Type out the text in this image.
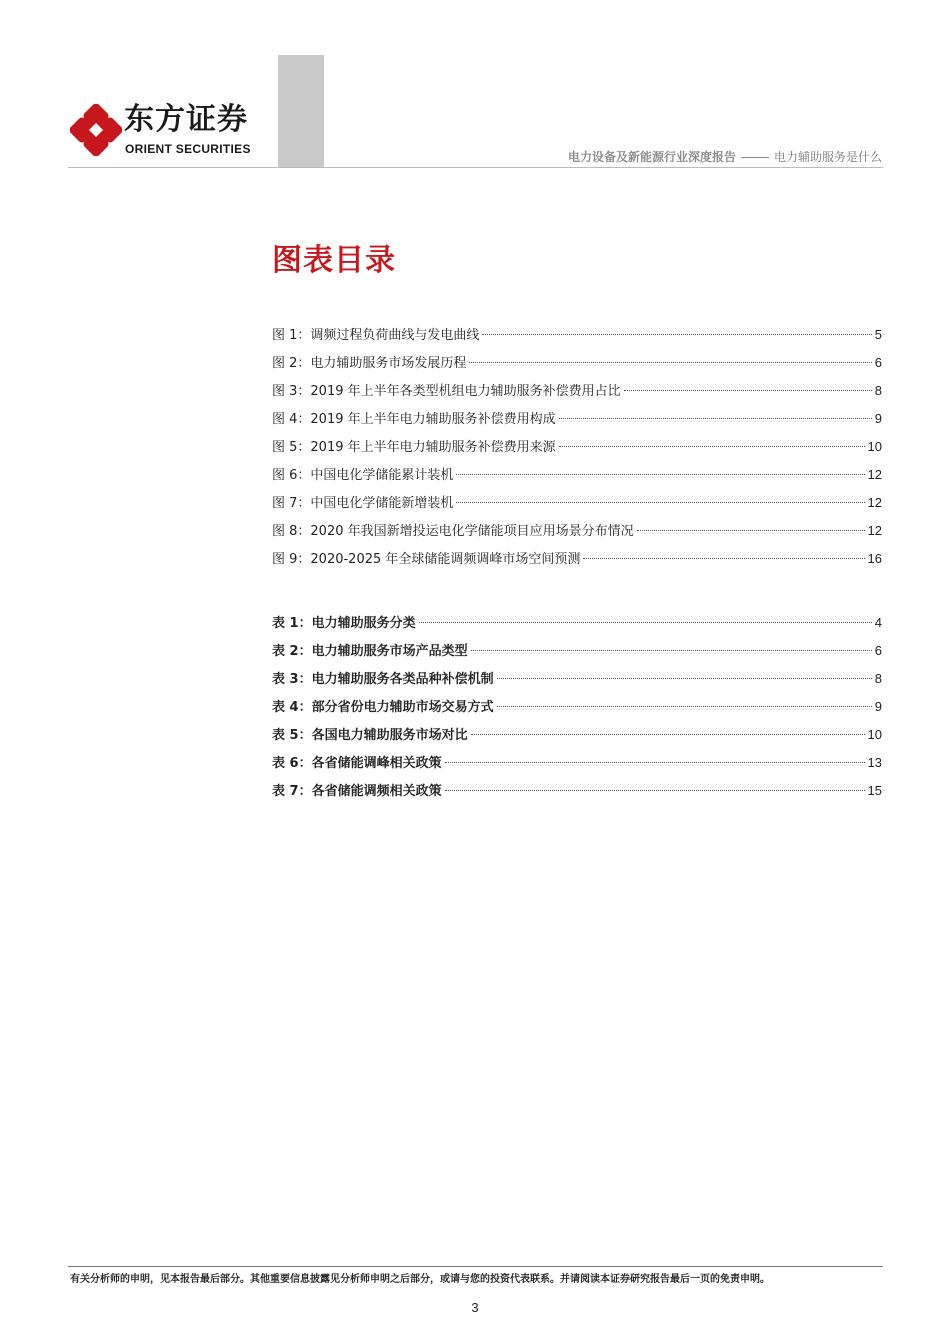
东方证券
ORIENT SECURITIES
电力设备及新能源行业深度报告	电力辅助服务是什么
图表目录
图 1：调频过程负荷曲线与发电曲线	5
图 2：电力辅助服务市场发展历程	6
图 3：2019 年上半年各类型机组电力辅助服务补偿费用占比	8
图 4：2019 年上半年电力辅助服务补偿费用构成	9
图 5：2019 年上半年电力辅助服务补偿费用来源	10
图 6：中国电化学储能累计装机	12
图 7：中国电化学储能新增装机	12
图 8：2020 年我国新增投运电化学储能项目应用场景分布情况	12
图 9：2020-2025 年全球储能调频调峰市场空间预测	16
表 1：电力辅助服务分类	4
表 2：电力辅助服务市场产品类型	6
表 3：电力辅助服务各类品种补偿机制	8
表 4：部分省份电力辅助市场交易方式	9
表 5：各国电力辅助服务市场对比	10
表 6：各省储能调峰相关政策	13
表 7：各省储能调频相关政策	15
有关分析师的申明，见本报告最后部分。其他重要信息披露见分析师申明之后部分，或请与您的投资代表联系。并请阅读本证券研究报告最后一页的免责申明。
3
